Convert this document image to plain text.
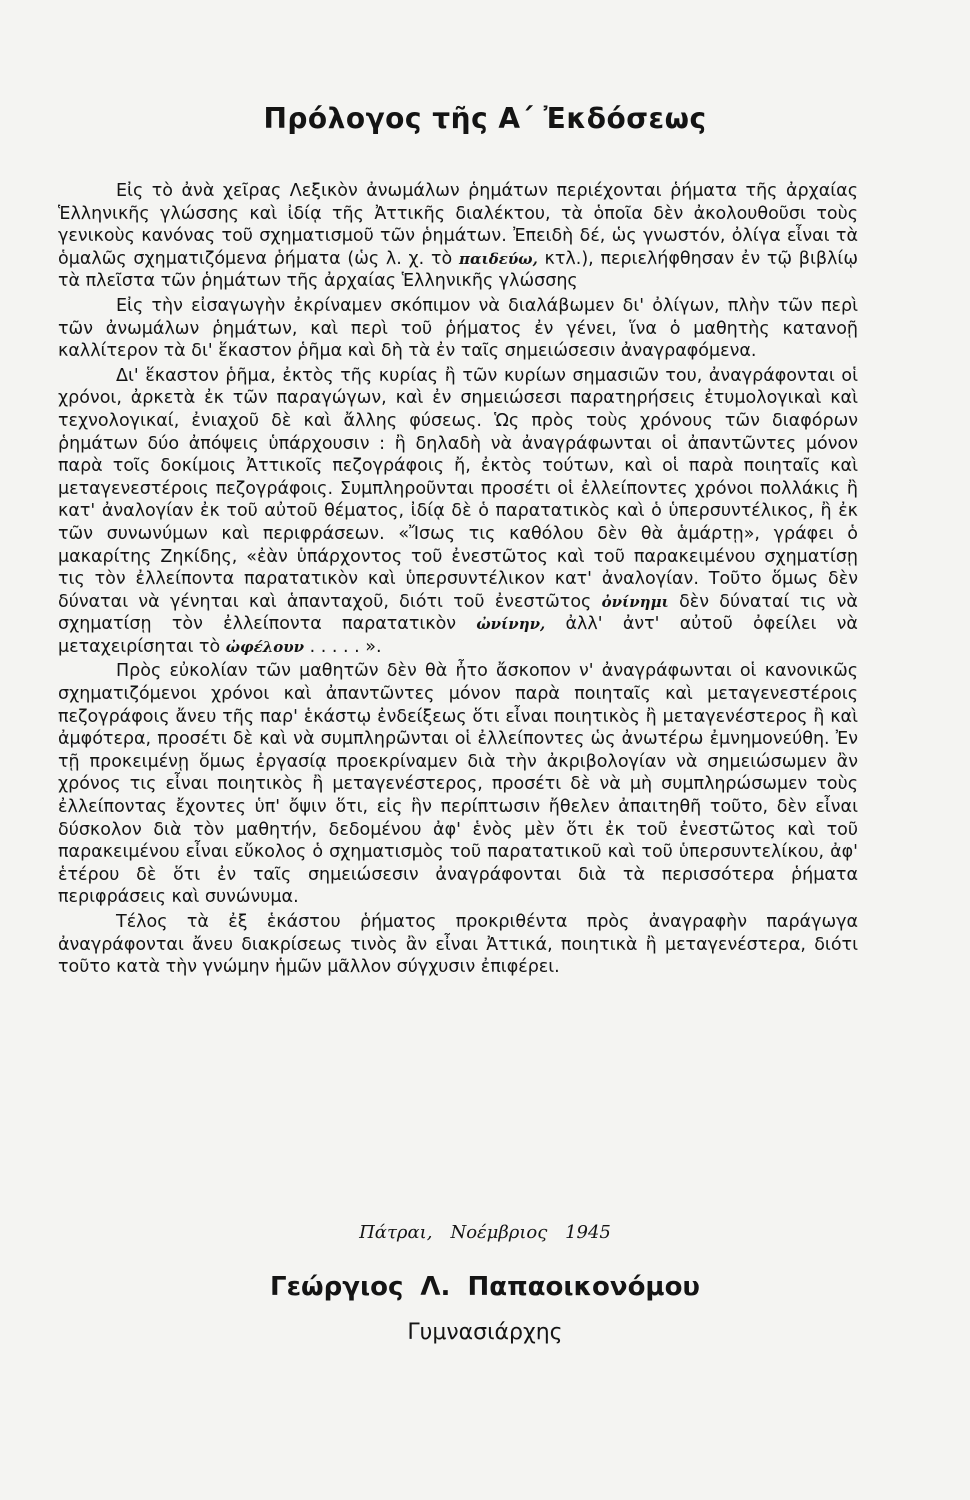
Πρόλογος τῆς Α΄ Ἐκδόσεως

Εἰς τὸ ἀνὰ χεῖρας Λεξικὸν ἀνωμάλων ῥημάτων περιέχονται ῥήματα τῆς ἀρχαίας Ἑλληνικῆς γλώσσης καὶ ἰδίᾳ τῆς Ἀττικῆς διαλέκτου, τὰ ὁποῖα δὲν ἀκολουθοῦσι τοὺς γενικοὺς κανόνας τοῦ σχηματισμοῦ τῶν ῥημάτων. Ἐπειδὴ δέ, ὡς γνωστόν, ὀλίγα εἶναι τὰ ὁμαλῶς σχηματιζόμενα ῥήματα (ὡς λ. χ. τὸ παιδεύω, κτλ.), περιελήφθησαν ἐν τῷ βιβλίῳ τὰ πλεῖστα τῶν ῥημάτων τῆς ἀρχαίας Ἑλληνικῆς γλώσσης

Εἰς τὴν εἰσαγωγὴν ἐκρίναμεν σκόπιμον νὰ διαλάβωμεν δι' ὀλίγων, πλὴν τῶν περὶ τῶν ἀνωμάλων ῥημάτων, καὶ περὶ τοῦ ῥήματος ἐν γένει, ἵνα ὁ μαθητὴς κατανοῇ καλλίτερον τὰ δι' ἕκαστον ῥῆμα καὶ δὴ τὰ ἐν ταῖς σημειώσεσιν ἀναγραφόμενα.

Δι' ἕκαστον ῥῆμα, ἐκτὸς τῆς κυρίας ἢ τῶν κυρίων σημασιῶν του, ἀναγράφονται οἱ χρόνοι, ἀρκετὰ ἐκ τῶν παραγώγων, καὶ ἐν σημειώσεσι παρατηρήσεις ἐτυμολογικαὶ καὶ τεχνολογικαί, ἐνιαχοῦ δὲ καὶ ἄλλης φύσεως. Ὡς πρὸς τοὺς χρόνους τῶν διαφόρων ῥημάτων δύο ἀπόψεις ὑπάρχουσιν : ἢ δηλαδὴ νὰ ἀναγράφωνται οἱ ἀπαντῶντες μόνον παρὰ τοῖς δοκίμοις Ἀττικοῖς πεζογράφοις ἤ, ἐκτὸς τούτων, καὶ οἱ παρὰ ποιηταῖς καὶ μεταγενεστέροις πεζογράφοις. Συμπληροῦνται προσέτι οἱ ἐλλείποντες χρόνοι πολλάκις ἢ κατ' ἀναλογίαν ἐκ τοῦ αὐτοῦ θέματος, ἰδίᾳ δὲ ὁ παρατατικὸς καὶ ὁ ὑπερσυντέλικος, ἢ ἐκ τῶν συνωνύμων καὶ περιφράσεων. «Ἴσως τις καθόλου δὲν θὰ ἁμάρτῃ», γράφει ὁ μακαρίτης Ζηκίδης, «ἐὰν ὑπάρχοντος τοῦ ἐνεστῶτος καὶ τοῦ παρακειμένου σχηματίσῃ τις τὸν ἐλλείποντα παρατατικὸν καὶ ὑπερσυντέλικον κατ' ἀναλογίαν. Τοῦτο ὅμως δὲν δύναται νὰ γένηται καὶ ἁπανταχοῦ, διότι τοῦ ἐνεστῶτος ὀνίνημι δὲν δύναταί τις νὰ σχηματίσῃ τὸν ἐλλείποντα παρατατικὸν ὠνίνην, ἀλλ' ἀντ' αὐτοῦ ὀφείλει νὰ μεταχειρίσηται τὸ ὠφέλουν . . . . . ».

Πρὸς εὐκολίαν τῶν μαθητῶν δὲν θὰ ἦτο ἄσκοπον ν' ἀναγράφωνται οἱ κανονικῶς σχηματιζόμενοι χρόνοι καὶ ἀπαντῶντες μόνον παρὰ ποιηταῖς καὶ μεταγενεστέροις πεζογράφοις ἄνευ τῆς παρ' ἑκάστῳ ἐνδείξεως ὅτι εἶναι ποιητικὸς ἢ μεταγενέστερος ἢ καὶ ἀμφότερα, προσέτι δὲ καὶ νὰ συμπληρῶνται οἱ ἐλλείποντες ὡς ἀνωτέρω ἐμνημονεύθη. Ἐν τῇ προκειμένῃ ὅμως ἐργασίᾳ προεκρίναμεν διὰ τὴν ἀκριβολογίαν νὰ σημειώσωμεν ἂν χρόνος τις εἶναι ποιητικὸς ἢ μεταγενέστερος, προσέτι δὲ νὰ μὴ συμπληρώσωμεν τοὺς ἐλλείποντας ἔχοντες ὑπ' ὄψιν ὅτι, εἰς ἣν περίπτωσιν ἤθελεν ἀπαιτηθῆ τοῦτο, δὲν εἶναι δύσκολον διὰ τὸν μαθητήν, δεδομένου ἀφ' ἑνὸς μὲν ὅτι ἐκ τοῦ ἐνεστῶτος καὶ τοῦ παρακειμένου εἶναι εὔκολος ὁ σχηματισμὸς τοῦ παρατατικοῦ καὶ τοῦ ὑπερσυντελίκου, ἀφ' ἑτέρου δὲ ὅτι ἐν ταῖς σημειώσεσιν ἀναγράφονται διὰ τὰ περισσότερα ῥήματα περιφράσεις καὶ συνώνυμα.

Τέλος τὰ ἐξ ἑκάστου ῥήματος προκριθέντα πρὸς ἀναγραφὴν παράγωγα ἀναγράφονται ἄνευ διακρίσεως τινὸς ἂν εἶναι Ἀττικά, ποιητικὰ ἢ μεταγενέστερα, διότι τοῦτο κατὰ τὴν γνώμην ἡμῶν μᾶλλον σύγχυσιν ἐπιφέρει.

Πάτραι, Νοέμβριος 1945
Γεώργιος Λ. Παπαοικονόμου
Γυμνασιάρχης
